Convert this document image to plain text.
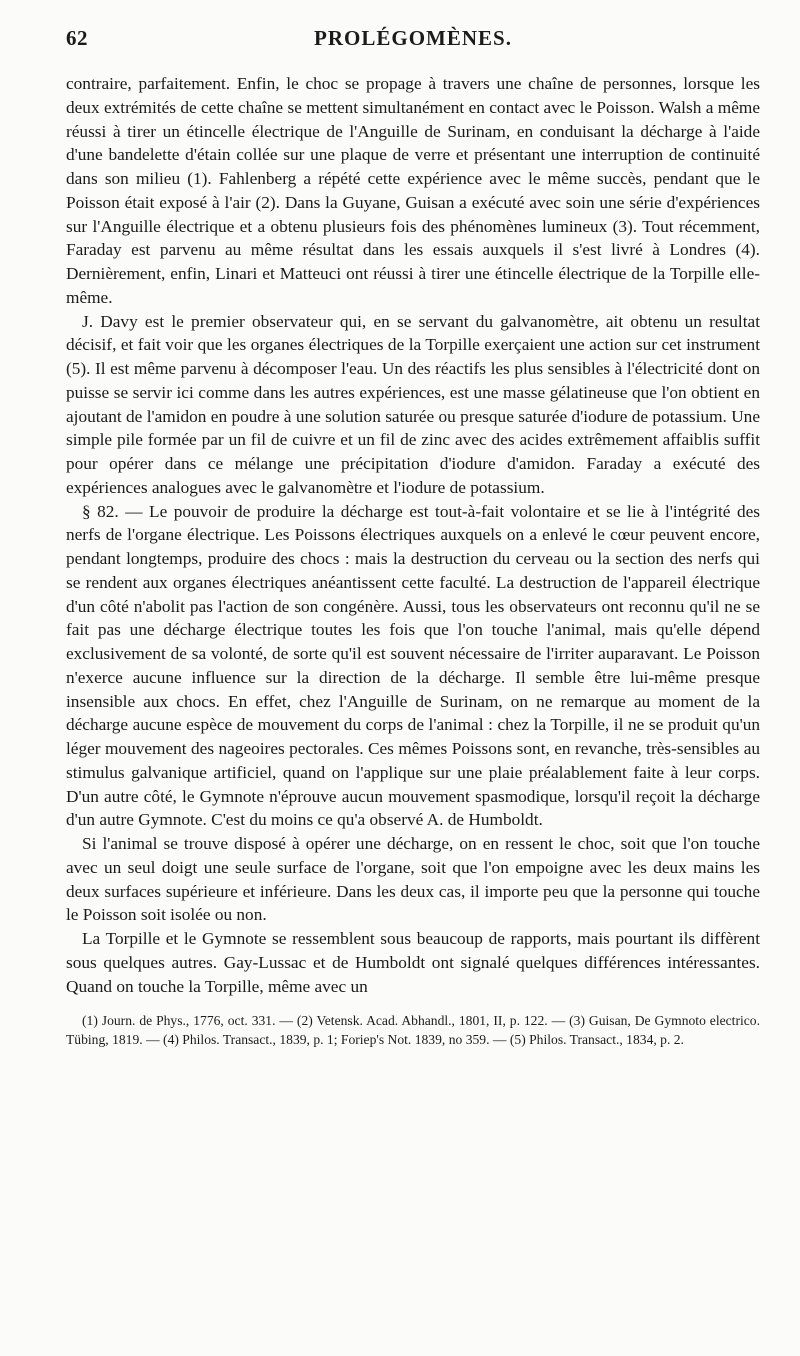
62	PROLÉGOMÈNES.

contraire, parfaitement. Enfin, le choc se propage à travers une chaîne de personnes, lorsque les deux extrémités de cette chaîne se mettent simultanément en contact avec le Poisson. Walsh a même réussi à tirer un étincelle électrique de l'Anguille de Surinam, en conduisant la décharge à l'aide d'une bandelette d'étain collée sur une plaque de verre et présentant une interruption de continuité dans son milieu (1). Fahlenberg a répété cette expérience avec le même succès, pendant que le Poisson était exposé à l'air (2). Dans la Guyane, Guisan a exécuté avec soin une série d'expériences sur l'Anguille électrique et a obtenu plusieurs fois des phénomènes lumineux (3). Tout récemment, Faraday est parvenu au même résultat dans les essais auxquels il s'est livré à Londres (4). Dernièrement, enfin, Linari et Matteuci ont réussi à tirer une étincelle électrique de la Torpille elle-même.

J. Davy est le premier observateur qui, en se servant du galvanomètre, ait obtenu un resultat décisif, et fait voir que les organes électriques de la Torpille exerçaient une action sur cet instrument (5). Il est même parvenu à décomposer l'eau. Un des réactifs les plus sensibles à l'électricité dont on puisse se servir ici comme dans les autres expériences, est une masse gélatineuse que l'on obtient en ajoutant de l'amidon en poudre à une solution saturée ou presque saturée d'iodure de potassium. Une simple pile formée par un fil de cuivre et un fil de zinc avec des acides extrêmement affaiblis suffit pour opérer dans ce mélange une précipitation d'iodure d'amidon. Faraday a exécuté des expériences analogues avec le galvanomètre et l'iodure de potassium.

§ 82. — Le pouvoir de produire la décharge est tout-à-fait volontaire et se lie à l'intégrité des nerfs de l'organe électrique. Les Poissons électriques auxquels on a enlevé le cœur peuvent encore, pendant longtemps, produire des chocs : mais la destruction du cerveau ou la section des nerfs qui se rendent aux organes électriques anéantissent cette faculté. La destruction de l'appareil électrique d'un côté n'abolit pas l'action de son congénère. Aussi, tous les observateurs ont reconnu qu'il ne se fait pas une décharge électrique toutes les fois que l'on touche l'animal, mais qu'elle dépend exclusivement de sa volonté, de sorte qu'il est souvent nécessaire de l'irriter auparavant. Le Poisson n'exerce aucune influence sur la direction de la décharge. Il semble être lui-même presque insensible aux chocs. En effet, chez l'Anguille de Surinam, on ne remarque au moment de la décharge aucune espèce de mouvement du corps de l'animal : chez la Torpille, il ne se produit qu'un léger mouvement des nageoires pectorales. Ces mêmes Poissons sont, en revanche, très-sensibles au stimulus galvanique artificiel, quand on l'applique sur une plaie préalablement faite à leur corps. D'un autre côté, le Gymnote n'éprouve aucun mouvement spasmodique, lorsqu'il reçoit la décharge d'un autre Gymnote. C'est du moins ce qu'a observé A. de Humboldt.

Si l'animal se trouve disposé à opérer une décharge, on en ressent le choc, soit que l'on touche avec un seul doigt une seule surface de l'organe, soit que l'on empoigne avec les deux mains les deux surfaces supérieure et inférieure. Dans les deux cas, il importe peu que la personne qui touche le Poisson soit isolée ou non.

La Torpille et le Gymnote se ressemblent sous beaucoup de rapports, mais pourtant ils diffèrent sous quelques autres. Gay-Lussac et de Humboldt ont signalé quelques différences intéressantes. Quand on touche la Torpille, même avec un

(1) Journ. de Phys., 1776, oct. 331. — (2) Vetensk. Acad. Abhandl., 1801, II, p. 122. — (3) Guisan, De Gymnoto electrico. Tübing, 1819. — (4) Philos. Transact., 1839, p. 1; Foriep's Not. 1839, no 359. — (5) Philos. Transact., 1834, p. 2.
